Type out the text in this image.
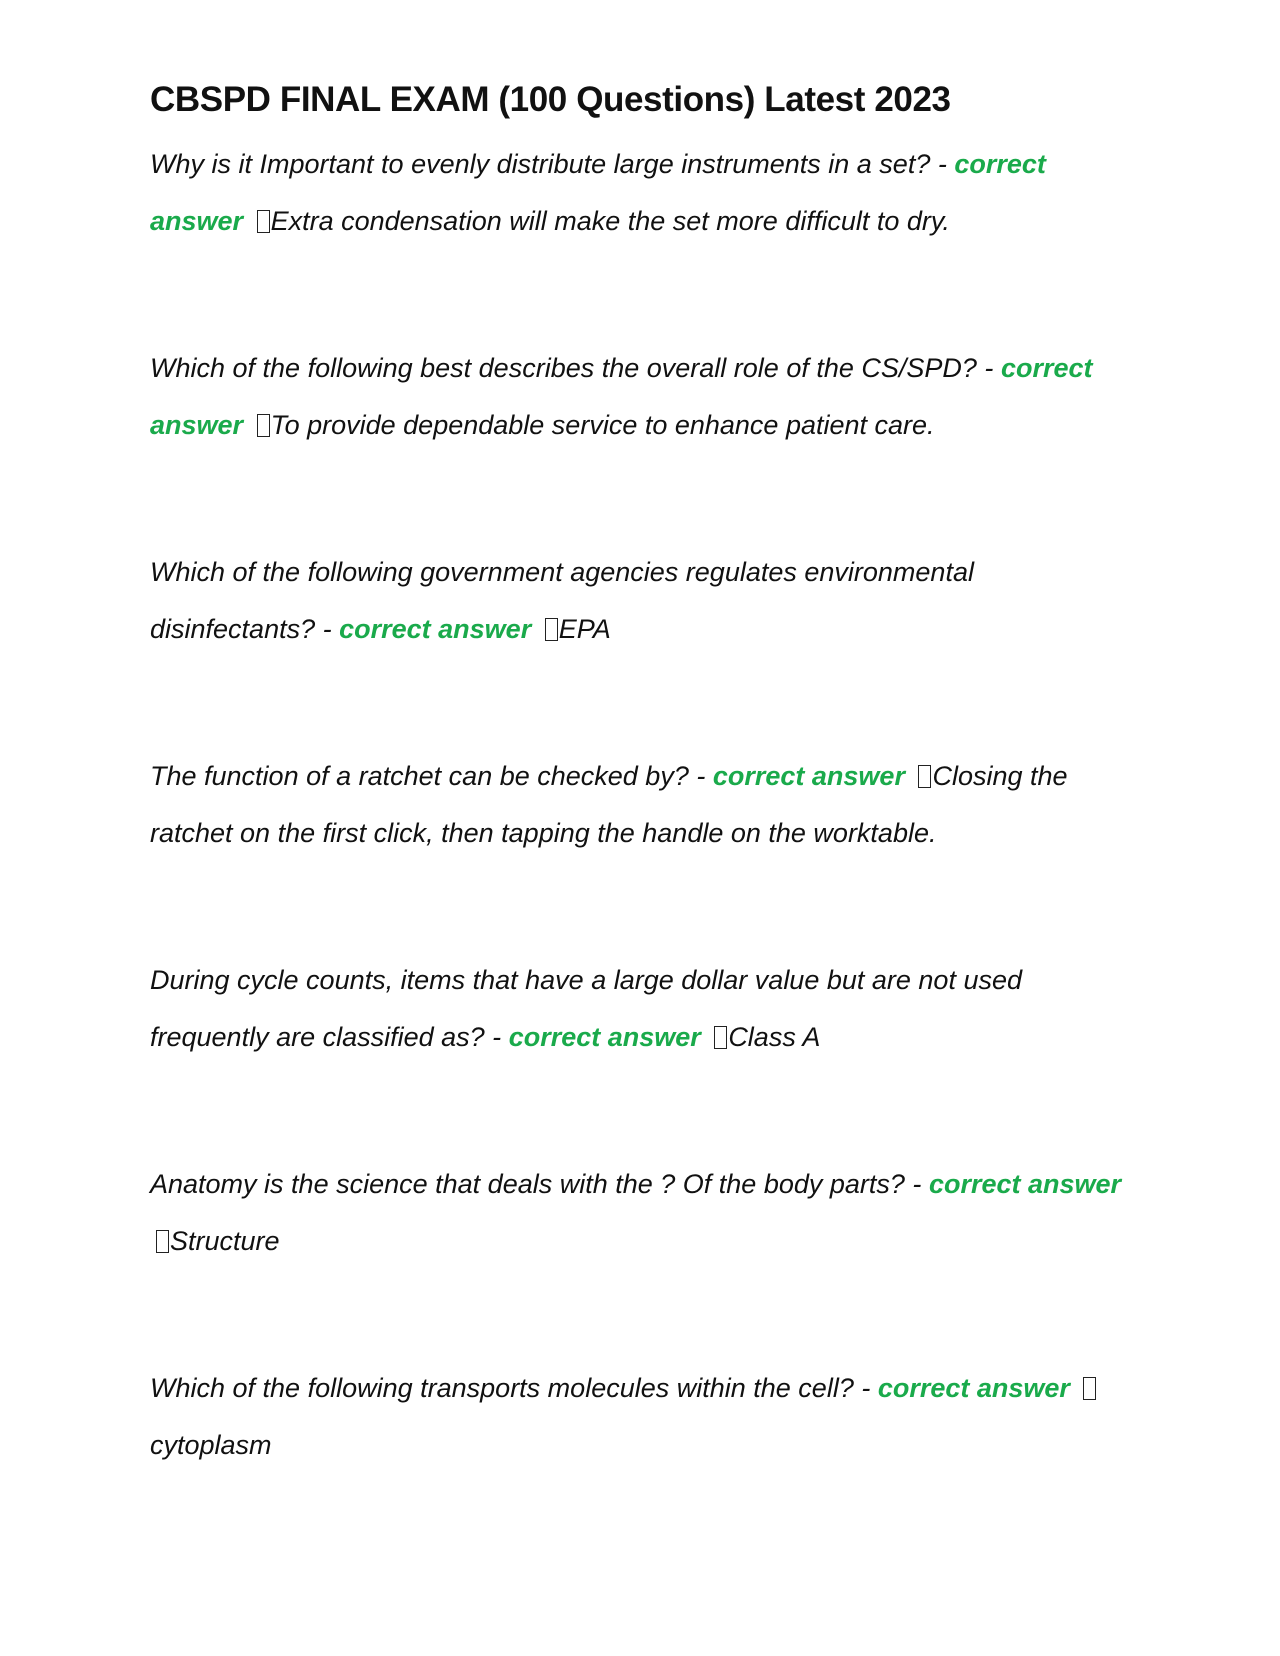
CBSPD FINAL EXAM (100 Questions) Latest 2023

Why is it Important to evenly distribute large instruments in a set? - correct answer Extra condensation will make the set more difficult to dry.

Which of the following best describes the overall role of the CS/SPD? - correct answer To provide dependable service to enhance patient care.

Which of the following government agencies regulates environmental disinfectants? - correct answer EPA

The function of a ratchet can be checked by? - correct answer Closing the ratchet on the first click, then tapping the handle on the worktable.

During cycle counts, items that have a large dollar value but are not used frequently are classified as? - correct answer Class A

Anatomy is the science that deals with the ? Of the body parts? - correct answer Structure

Which of the following transports molecules within the cell? - correct answer cytoplasm
